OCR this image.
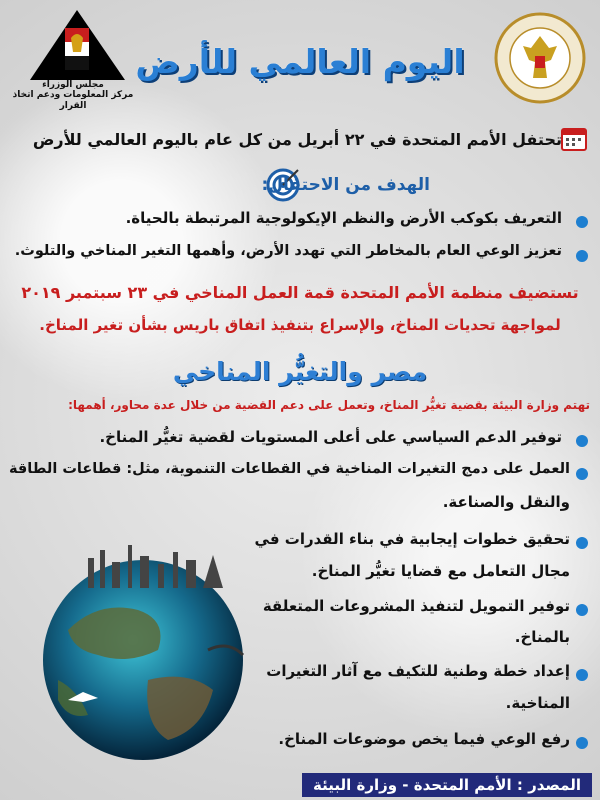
مجلس الوزراء
مركز المعلومات ودعم اتخاذ القرار
اليوم العالمي للأرض
تحتفل الأمم المتحدة في ٢٢ أبريل من كل عام باليوم العالمي للأرض
الهدف من الاحتفال:
التعريف بكوكب الأرض والنظم الإيكولوجية المرتبطة بالحياة.
تعزيز الوعي العام بالمخاطر التي تهدد الأرض، وأهمها التغير المناخي والتلوث.
تستضيف منظمة الأمم المتحدة قمة العمل المناخي في ٢٣ سبتمبر ٢٠١٩
لمواجهة تحديات المناخ، والإسراع بتنفيذ اتفاق باريس بشأن تغير المناخ.
مصر والتغيُّر المناخي
تهتم وزارة البيئة بقضية تغيُّر المناخ، وتعمل على دعم القضية من خلال عدة محاور، أهمها:
توفير الدعم السياسي على أعلى المستويات لقضية تغيُّر المناخ.
العمل على دمج التغيرات المناخية في القطاعات التنموية، مثل: قطاعات الطاقة
والنقل والصناعة.
تحقيق خطوات إيجابية في بناء القدرات في
مجال التعامل مع قضايا تغيُّر المناخ.
توفير التمويل لتنفيذ المشروعات المتعلقة
بالمناخ.
إعداد خطة وطنية للتكيف مع آثار التغيرات
المناخية.
رفع الوعي فيما يخص موضوعات المناخ.
المصدر : الأمم المتحدة - وزارة البيئة
